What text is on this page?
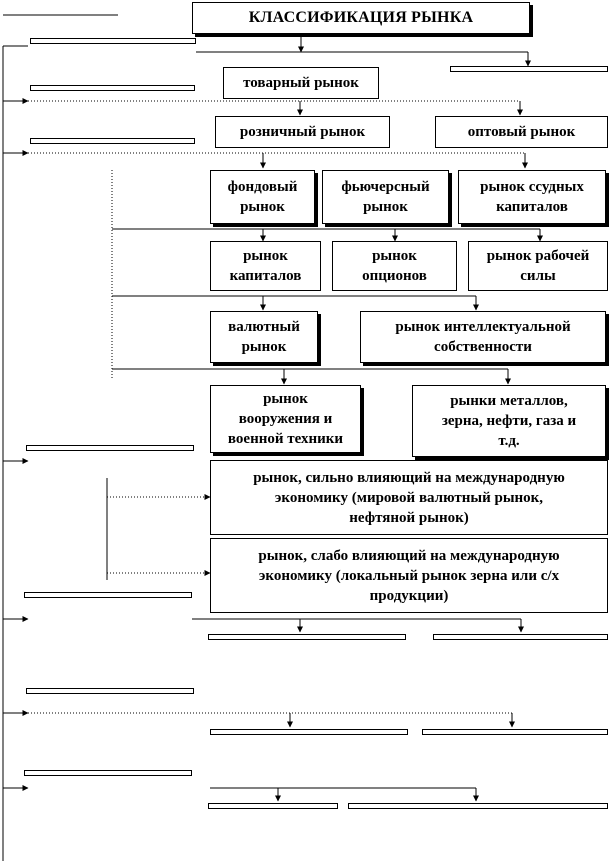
КЛАССИФИКАЦИЯ РЫНКА
товарный рынок
розничный рынок	оптовый рынок
фондовый
рынок
фьючерсный
рынок
рынок ссудных
капиталов
рынок
капиталов
рынок
опционов
рынок рабочей
силы
валютный
рынок
рынок интеллектуальной
собственности
рынок
вооружения и
военной техники
рынки металлов,
зерна, нефти, газа и
т.д.
рынок, сильно влияющий на международную
экономику (мировой валютный рынок,
нефтяной рынок)
рынок, слабо влияющий на международную
экономику (локальный рынок зерна или с/х
продукции)
